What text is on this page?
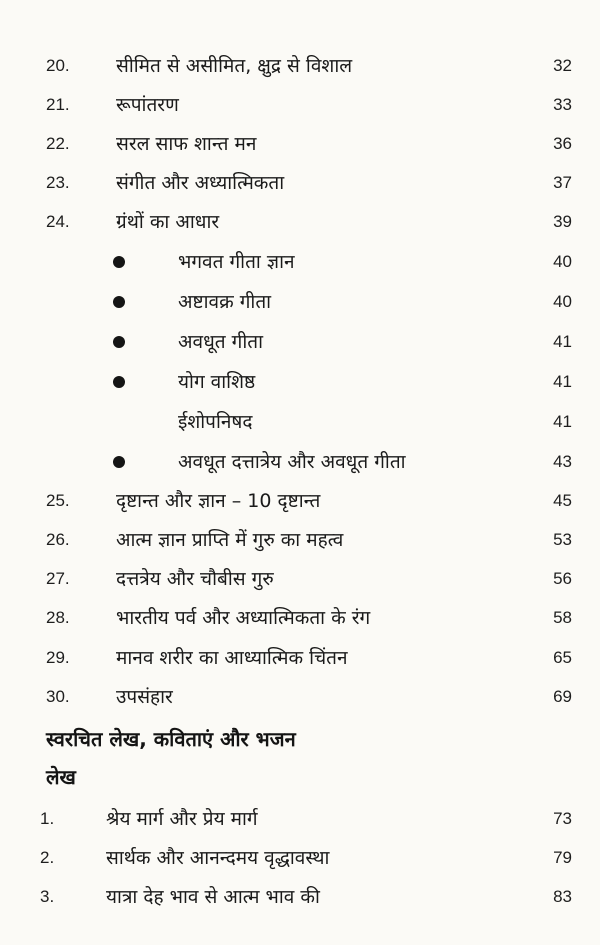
20. सीमित से असीमित, क्षुद्र से विशाल	32
21. रूपांतरण	33
22. सरल साफ शान्त मन	36
23. संगीत और अध्यात्मिकता	37
24. ग्रंथों का आधार	39
भगवत गीता ज्ञान	40
अष्टावक्र गीता	40
अवधूत गीता	41
योग वाशिष्ठ	41
ईशोपनिषद	41
अवधूत दत्तात्रेय और अवधूत गीता	43
25. दृष्टान्त और ज्ञान – 10 दृष्टान्त	45
26. आत्म ज्ञान प्राप्ति में गुरु का महत्व	53
27. दत्तत्रेय और चौबीस गुरु	56
28. भारतीय पर्व और अध्यात्मिकता के रंग	58
29. मानव शरीर का आध्यात्मिक चिंतन	65
30. उपसंहार	69
स्वरचित लेख, कविताएं और भजन
लेख
1.	श्रेय मार्ग और प्रेय मार्ग	73
2.	सार्थक और आनन्दमय वृद्धावस्था	79
3.	यात्रा देह भाव से आत्म भाव की	83
